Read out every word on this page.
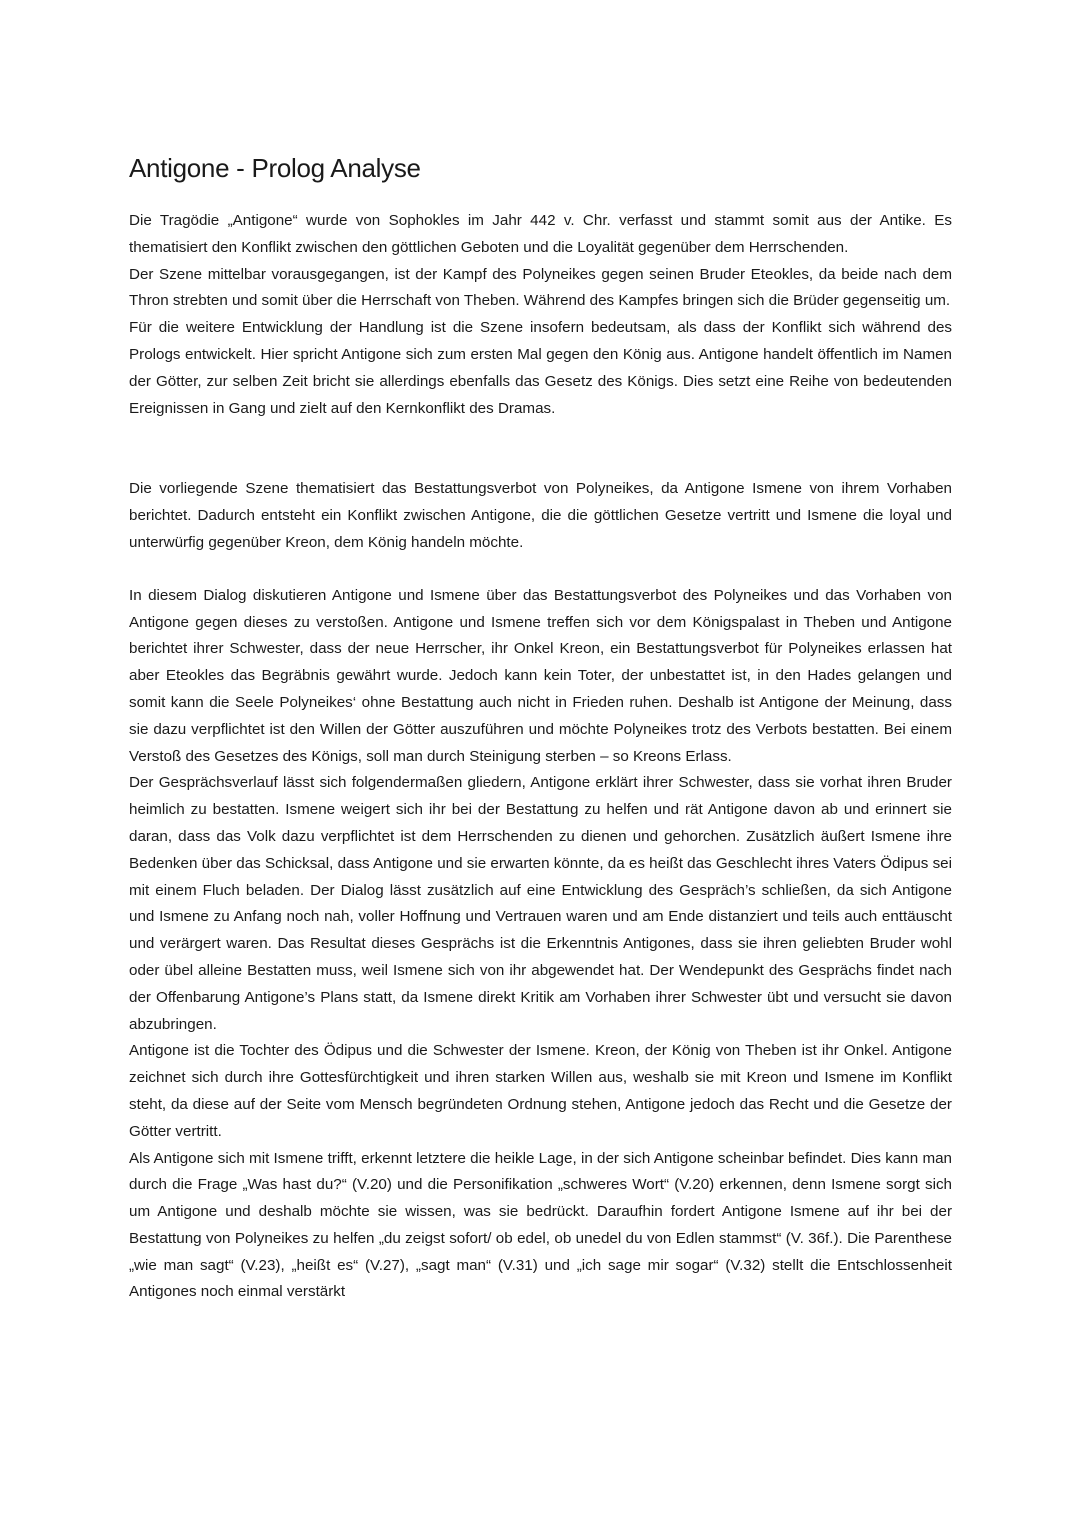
Antigone - Prolog Analyse

Die Tragödie „Antigone“ wurde von Sophokles im Jahr 442 v. Chr. verfasst und stammt somit aus der Antike. Es thematisiert den Konflikt zwischen den göttlichen Geboten und die Loyalität gegenüber dem Herrschenden.

Der Szene mittelbar vorausgegangen, ist der Kampf des Polyneikes gegen seinen Bruder Eteokles, da beide nach dem Thron strebten und somit über die Herrschaft von Theben. Während des Kampfes bringen sich die Brüder gegenseitig um.

Für die weitere Entwicklung der Handlung ist die Szene insofern bedeutsam, als dass der Konflikt sich während des Prologs entwickelt. Hier spricht Antigone sich zum ersten Mal gegen den König aus. Antigone handelt öffentlich im Namen der Götter, zur selben Zeit bricht sie allerdings ebenfalls das Gesetz des Königs. Dies setzt eine Reihe von bedeutenden Ereignissen in Gang und zielt auf den Kernkonflikt des Dramas.

Die vorliegende Szene thematisiert das Bestattungsverbot von Polyneikes, da Antigone Ismene von ihrem Vorhaben berichtet. Dadurch entsteht ein Konflikt zwischen Antigone, die die göttlichen Gesetze vertritt und Ismene die loyal und unterwürfig gegenüber Kreon, dem König handeln möchte.

In diesem Dialog diskutieren Antigone und Ismene über das Bestattungsverbot des Polyneikes und das Vorhaben von Antigone gegen dieses zu verstoßen. Antigone und Ismene treffen sich vor dem Königspalast in Theben und Antigone berichtet ihrer Schwester, dass der neue Herrscher, ihr Onkel Kreon, ein Bestattungsverbot für Polyneikes erlassen hat aber Eteokles das Begräbnis gewährt wurde. Jedoch kann kein Toter, der unbestattet ist, in den Hades gelangen und somit kann die Seele Polyneikes‘ ohne Bestattung auch nicht in Frieden ruhen. Deshalb ist Antigone der Meinung, dass sie dazu verpflichtet ist den Willen der Götter auszuführen und möchte Polyneikes trotz des Verbots bestatten. Bei einem Verstoß des Gesetzes des Königs, soll man durch Steinigung sterben – so Kreons Erlass.

Der Gesprächsverlauf lässt sich folgendermaßen gliedern, Antigone erklärt ihrer Schwester, dass sie vorhat ihren Bruder heimlich zu bestatten. Ismene weigert sich ihr bei der Bestattung zu helfen und rät Antigone davon ab und erinnert sie daran, dass das Volk dazu verpflichtet ist dem Herrschenden zu dienen und gehorchen. Zusätzlich äußert Ismene ihre Bedenken über das Schicksal, dass Antigone und sie erwarten könnte, da es heißt das Geschlecht ihres Vaters Ödipus sei mit einem Fluch beladen. Der Dialog lässt zusätzlich auf eine Entwicklung des Gespräch’s schließen, da sich Antigone und Ismene zu Anfang noch nah, voller Hoffnung und Vertrauen waren und am Ende distanziert und teils auch enttäuscht und verärgert waren. Das Resultat dieses Gesprächs ist die Erkenntnis Antigones, dass sie ihren geliebten Bruder wohl oder übel alleine Bestatten muss, weil Ismene sich von ihr abgewendet hat. Der Wendepunkt des Gesprächs findet nach der Offenbarung Antigone’s Plans statt, da Ismene direkt Kritik am Vorhaben ihrer Schwester übt und versucht sie davon abzubringen.

Antigone ist die Tochter des Ödipus und die Schwester der Ismene. Kreon, der König von Theben ist ihr Onkel. Antigone zeichnet sich durch ihre Gottesfürchtigkeit und ihren starken Willen aus, weshalb sie mit Kreon und Ismene im Konflikt steht, da diese auf der Seite vom Mensch begründeten Ordnung stehen, Antigone jedoch das Recht und die Gesetze der Götter vertritt.

Als Antigone sich mit Ismene trifft, erkennt letztere die heikle Lage, in der sich Antigone scheinbar befindet. Dies kann man durch die Frage „Was hast du?“ (V.20) und die Personifikation „schweres Wort“ (V.20) erkennen, denn Ismene sorgt sich um Antigone und deshalb möchte sie wissen, was sie bedrückt. Daraufhin fordert Antigone Ismene auf ihr bei der Bestattung von Polyneikes zu helfen „du zeigst sofort/ ob edel, ob unedel du von Edlen stammst“ (V. 36f.). Die Parenthese „wie man sagt“ (V.23), „heißt es“ (V.27), „sagt man“ (V.31) und „ich sage mir sogar“ (V.32) stellt die Entschlossenheit Antigones noch einmal verstärkt
